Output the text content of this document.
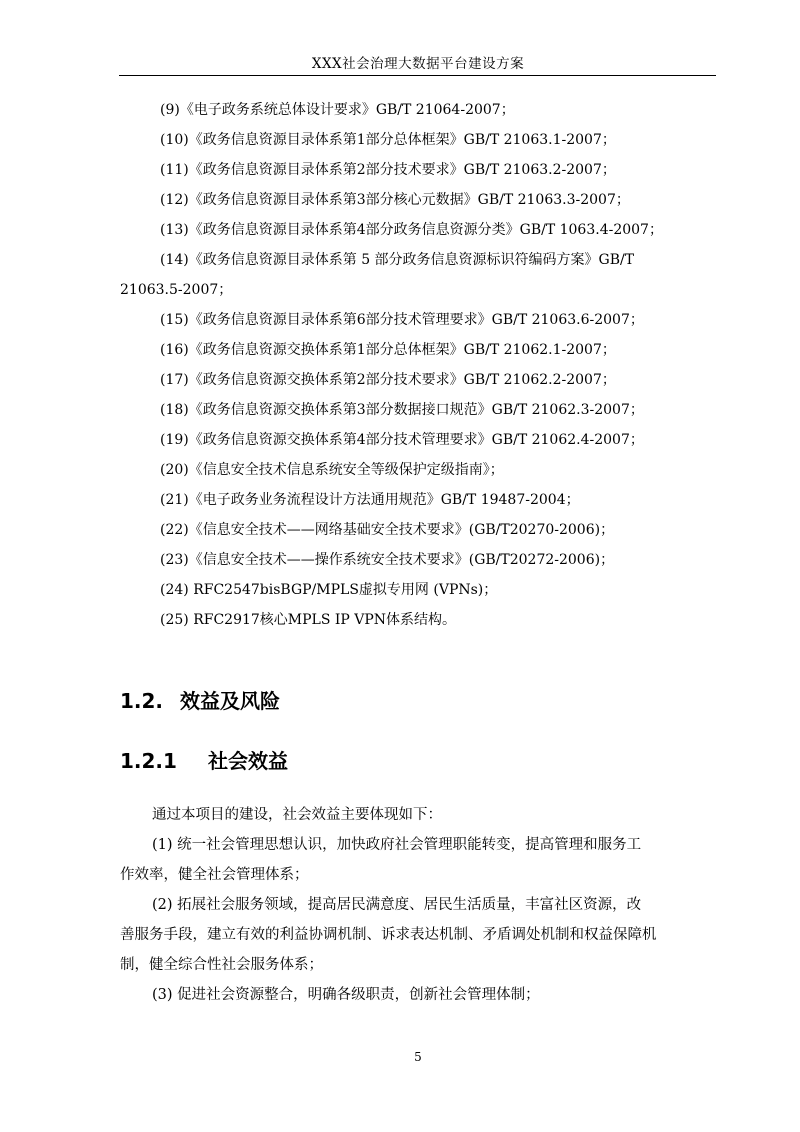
XXX社会治理大数据平台建设方案
(9)《电子政务系统总体设计要求》GB/T 21064-2007；
(10)《政务信息资源目录体系第1部分总体框架》GB/T 21063.1-2007；
(11)《政务信息资源目录体系第2部分技术要求》GB/T 21063.2-2007；
(12)《政务信息资源目录体系第3部分核心元数据》GB/T 21063.3-2007；
(13)《政务信息资源目录体系第4部分政务信息资源分类》GB/T 1063.4-2007；
(14)《政务信息资源目录体系第 5 部分政务信息资源标识符编码方案》GB/T
21063.5-2007；
(15)《政务信息资源目录体系第6部分技术管理要求》GB/T 21063.6-2007；
(16)《政务信息资源交换体系第1部分总体框架》GB/T 21062.1-2007；
(17)《政务信息资源交换体系第2部分技术要求》GB/T 21062.2-2007；
(18)《政务信息资源交换体系第3部分数据接口规范》GB/T 21062.3-2007；
(19)《政务信息资源交换体系第4部分技术管理要求》GB/T 21062.4-2007；
(20)《信息安全技术信息系统安全等级保护定级指南》；
(21)《电子政务业务流程设计方法通用规范》GB/T 19487-2004；
(22)《信息安全技术——网络基础安全技术要求》(GB/T20270-2006)；
(23)《信息安全技术——操作系统安全技术要求》(GB/T20272-2006)；
(24) RFC2547bisBGP/MPLS虚拟专用网 (VPNs)；
(25) RFC2917核心MPLS IP VPN体系结构。
1.2. 效益及风险
1.2.1 社会效益
通过本项目的建设，社会效益主要体现如下：
(1) 统一社会管理思想认识，加快政府社会管理职能转变，提高管理和服务工
作效率，健全社会管理体系；
(2) 拓展社会服务领域，提高居民满意度、居民生活质量，丰富社区资源，改
善服务手段，建立有效的利益协调机制、诉求表达机制、矛盾调处机制和权益保障机
制，健全综合性社会服务体系；
(3) 促进社会资源整合，明确各级职责，创新社会管理体制；
5
